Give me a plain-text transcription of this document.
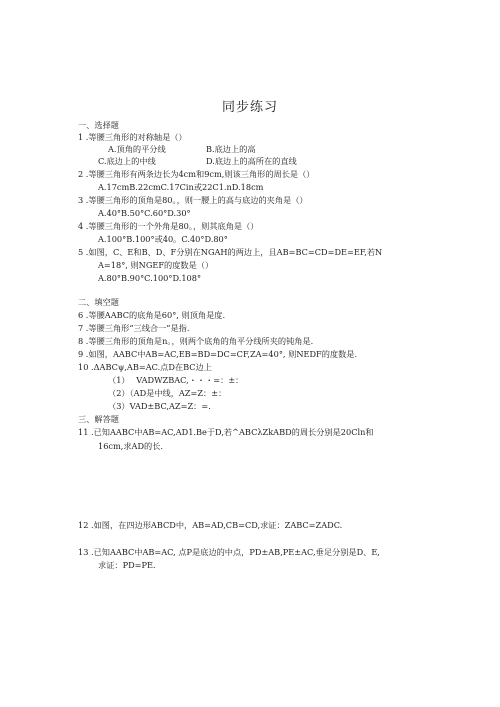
同步练习
一、选择题
1 .等腰三角形的对称轴是（）
A.顶角的平分线	B.底边上的高
C.底边上的中线	D.底边上的高所在的直线
2 .等腰三角形有两条边长为4cm和9cm,则该三角形的周长是（）
A.17cmB.22cmC.17Cin或22C1.nD.18cm
3 .等腰三角形的顶角是80。，则一腰上的高与底边的夹角是（）
A.40°B.50°C.60°D.30°
4 .等腰三角形的一个外角是80。，则其底角是（）
A.100°B.100°或40。C.40°D.80°
5 .如图，C、E和B、D、F分别在NGAH的两边上，且AB=BC=CD=DE=EF,若N
A=18°, 则NGEF的度数是（）
A.80°B.90°C.100°D.108°
二、填空题
6 .等腰AABC的底角是60°, 则顶角是度.
7 .等腰三角形“三线合一”是指.
8 .等腰三角形的顶角是n。，则两个底角的角平分线所夹的钝角是.
9 .如图，AABC中AB=AC,EB=BD=DC=CF,ZA=40°, 则NEDF的度数是.
10 .ΔABCψ,AB=AC.点D在BC边上
（1）　 VADWZBAC,・・・=：±：
（2）（AD是中线，AZ=Z：±：
（3）VAD±BC,AZ=Z：=.
三、解答题
11 .已知AABC中AB=AC,AD1.Be于D,若^ABCλZkABD的周长分别是20Cln和
16cm,求AD的长.
12 .如图，在四边形ABCD中，AB=AD,CB=CD,求证：ZABC=ZADC.
13 .已知AABC中AB=AC, 点P是底边的中点，PD±AB,PE±AC,垂足分别是D、E,
求证：PD=PE.
